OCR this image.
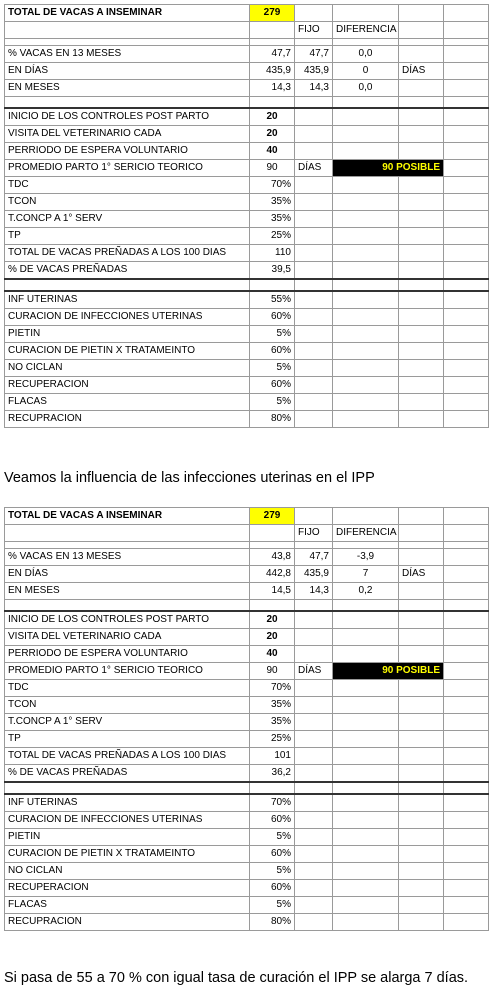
TOTAL DE VACAS A INSEMINAR	279				
		FIJO	DIFERENCIA		

% VACAS EN 13 MESES	47,7	47,7	0,0		
EN DÍAS	435,9	435,9	0	DÍAS	
EN MESES	14,3	14,3	0,0		

INICIO DE LOS CONTROLES POST PARTO	20				
VISITA DEL VETERINARIO CADA	20				
PERRIODO DE ESPERA VOLUNTARIO	40				
PROMEDIO PARTO 1° SERICIO TEORICO	90	DÍAS	90 POSIBLE		
TDC	70%				
TCON	35%				
T.CONCP A 1° SERV	35%				
TP	25%				
TOTAL DE VACAS PREÑADAS A LOS 100 DIAS	110				
% DE VACAS PREÑADAS	39,5				

INF UTERINAS	55%				
CURACION DE INFECCIONES UTERINAS	60%				
PIETIN	5%				
CURACION DE PIETIN X TRATAMEINTO	60%				
NO CICLAN	5%				
RECUPERACION	60%				
FLACAS	5%				
RECUPRACION	80%				
Veamos la influencia de las infecciones uterinas en el IPP
TOTAL DE VACAS A INSEMINAR	279				
		FIJO	DIFERENCIA		

% VACAS EN 13 MESES	43,8	47,7	-3,9		
EN DÍAS	442,8	435,9	7	DÍAS	
EN MESES	14,5	14,3	0,2		

INICIO DE LOS CONTROLES POST PARTO	20				
VISITA DEL VETERINARIO CADA	20				
PERRIODO DE ESPERA VOLUNTARIO	40				
PROMEDIO PARTO 1° SERICIO TEORICO	90	DÍAS	90 POSIBLE		
TDC	70%				
TCON	35%				
T.CONCP A 1° SERV	35%				
TP	25%				
TOTAL DE VACAS PREÑADAS A LOS 100 DIAS	101				
% DE VACAS PREÑADAS	36,2				

INF UTERINAS	70%				
CURACION DE INFECCIONES UTERINAS	60%				
PIETIN	5%				
CURACION DE PIETIN X TRATAMEINTO	60%				
NO CICLAN	5%				
RECUPERACION	60%				
FLACAS	5%				
RECUPRACION	80%				
Si pasa de 55 a 70 % con igual tasa de curación el IPP se alarga 7 días.
